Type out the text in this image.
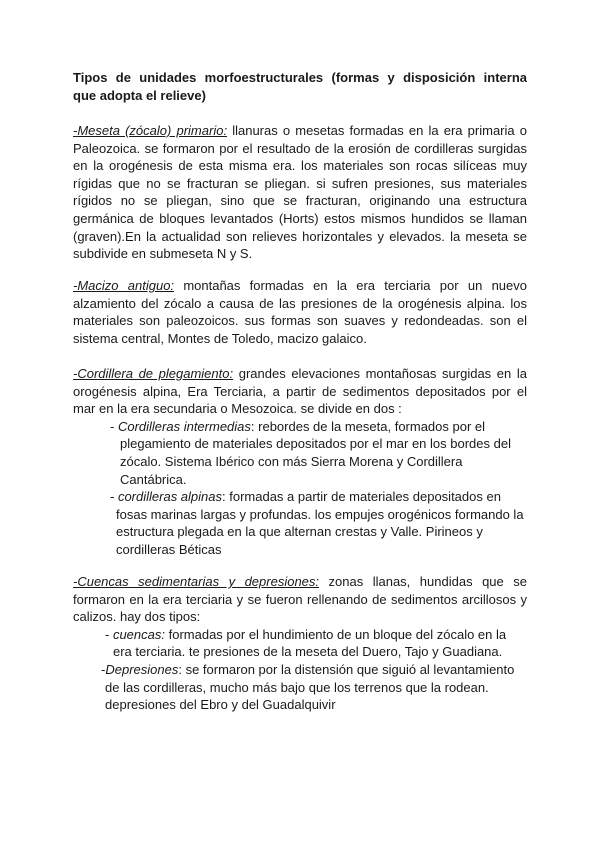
Tipos de unidades morfoestructurales (formas y disposición interna
que adopta el relieve)
-Meseta (zócalo) primario: llanuras o mesetas formadas en la era primaria o
Paleozoica. se formaron por el resultado de la erosión de cordilleras surgidas
en la orogénesis de esta misma era. los materiales son rocas silíceas muy
rígidas que no se fracturan se pliegan. si sufren presiones, sus materiales
rígidos no se pliegan, sino que se fracturan, originando una estructura
germánica de bloques levantados (Horts) estos mismos hundidos se llaman
(graven).En la actualidad son relieves horizontales y elevados. la meseta se
subdivide en submeseta N y S.
-Macizo antiguo: montañas formadas en la era terciaria por un nuevo
alzamiento del zócalo a causa de las presiones de la orogénesis alpina. los
materiales son paleozoicos. sus formas son suaves y redondeadas. son el
sistema central, Montes de Toledo, macizo galaico.
-Cordillera de plegamiento: grandes elevaciones montañosas surgidas en la
orogénesis alpina, Era Terciaria, a partir de sedimentos depositados por el
mar en la era secundaria o Mesozoica. se divide en dos :
- Cordilleras intermedias: rebordes de la meseta, formados por el
plegamiento de materiales depositados por el mar en los bordes del
zócalo. Sistema Ibérico con más Sierra Morena y Cordillera
Cantábrica.
- cordilleras alpinas: formadas a partir de materiales depositados en
fosas marinas largas y profundas. los empujes orogénicos formando la
estructura plegada en la que alternan crestas y Valle. Pirineos y
cordilleras Béticas
-Cuencas sedimentarias y depresiones: zonas llanas, hundidas que se
formaron en la era terciaria y se fueron rellenando de sedimentos arcillosos y
calizos. hay dos tipos:
- cuencas: formadas por el hundimiento de un bloque del zócalo en la
era terciaria. te presiones de la meseta del Duero, Tajo y Guadiana.
-Depresiones: se formaron por la distensión que siguió al levantamiento
de las cordilleras, mucho más bajo que los terrenos que la rodean.
depresiones del Ebro y del Guadalquivir
